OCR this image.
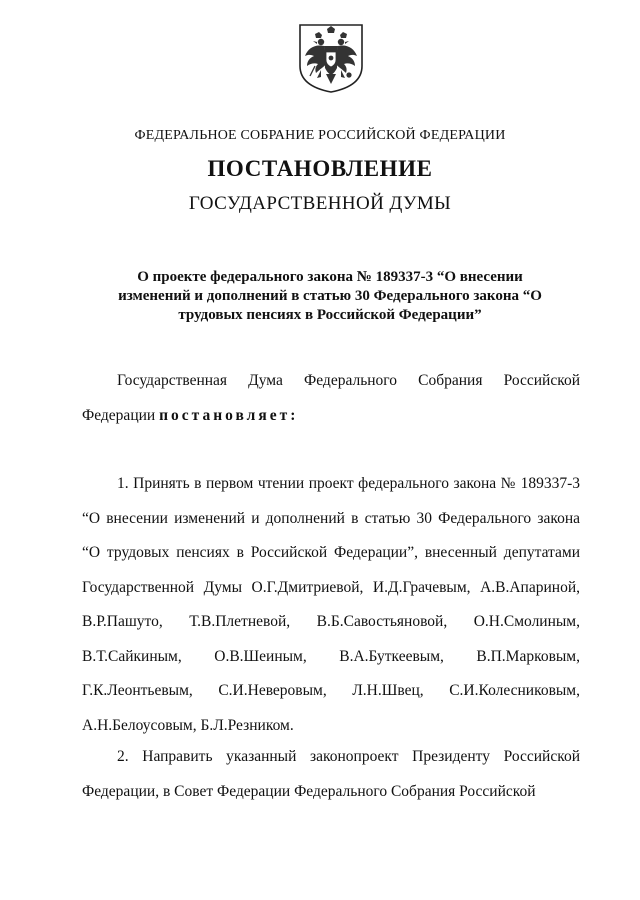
ФЕДЕРАЛЬНОЕ СОБРАНИЕ РОССИЙСКОЙ ФЕДЕРАЦИИ
ПОСТАНОВЛЕНИЕ
ГОСУДАРСТВЕННОЙ ДУМЫ
О проекте федерального закона № 189337-3 “О внесении изменений и дополнений в статью 30 Федерального закона “О трудовых пенсиях в Российской Федерации”

Государственная Дума Федерального Собрания Российской Федерации постановляет:

1. Принять в первом чтении проект федерального закона № 189337-3 “О внесении изменений и дополнений в статью 30 Федерального закона “О трудовых пенсиях в Российской Федерации”, внесенный депутатами Государственной Думы О.Г.Дмитриевой, И.Д.Грачевым, А.В.Апариной, В.Р.Пашуто, Т.В.Плетневой, В.Б.Савостьяновой, О.Н.Смолиным, В.Т.Сайкиным, О.В.Шеиным, В.А.Буткеевым, В.П.Марковым, Г.К.Леонтьевым, С.И.Неверовым, Л.Н.Швец, С.И.Колесниковым, А.Н.Белоусовым, Б.Л.Резником.

2. Направить указанный законопроект Президенту Российской Федерации, в Совет Федерации Федерального Собрания Российской
